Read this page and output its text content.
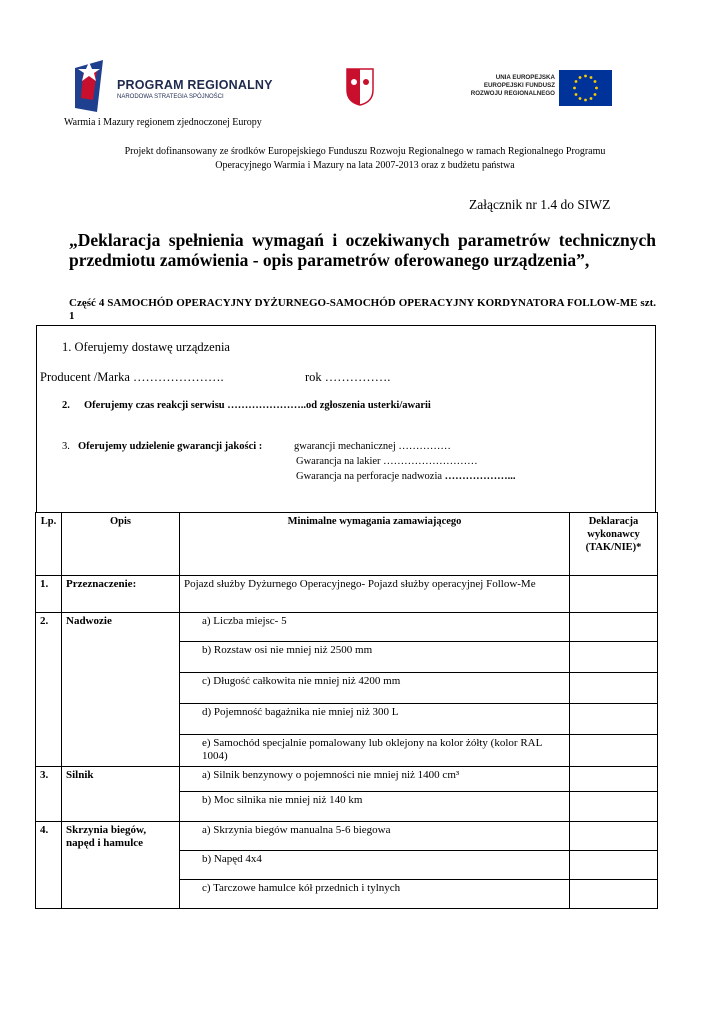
PROGRAM REGIONALNY
NARODOWA STRATEGIA SPÓJNOŚCI
UNIA EUROPEJSKA
EUROPEJSKI FUNDUSZ
ROZWOJU REGIONALNEGO
Warmia i Mazury regionem zjednoczonej Europy
Projekt dofinansowany ze środków Europejskiego Funduszu Rozwoju Regionalnego w ramach Regionalnego Programu
Operacyjnego Warmia i Mazury na lata 2007-2013 oraz z budżetu państwa
Załącznik nr 1.4 do SIWZ
„Deklaracja spełnienia wymagań i oczekiwanych parametrów technicznych przedmiotu zamówienia - opis parametrów oferowanego urządzenia”,
Część 4 SAMOCHÓD OPERACYJNY DYŻURNEGO-SAMOCHÓD OPERACYJNY KORDYNATORA FOLLOW-ME szt. 1
1. Oferujemy dostawę urządzenia
Producent /Marka ………………….	rok …………….
2. Oferujemy czas reakcji serwisu …………………..od zgłoszenia usterki/awarii
3. Oferujemy udzielenie gwarancji jakości :	gwarancji mechanicznej ……………
Gwarancja na lakier ………………………
Gwarancja na perforacje nadwozia ………………...
Lp.	Opis	Minimalne wymagania zamawiającego	Deklaracja wykonawcy (TAK/NIE)*
1.	Przeznaczenie:	Pojazd służby Dyżurnego Operacyjnego- Pojazd służby operacyjnej Follow-Me	
2.	Nadwozie	a) Liczba miejsc- 5	
		b) Rozstaw osi nie mniej niż 2500 mm	
		c) Długość całkowita nie mniej niż 4200 mm	
		d) Pojemność bagażnika nie mniej niż 300 L	
		e) Samochód specjalnie pomalowany lub oklejony na kolor żółty (kolor RAL 1004)	
3.	Silnik	a) Silnik benzynowy o pojemności nie mniej niż 1400 cm³	
		b) Moc silnika nie mniej niż 140 km	
4.	Skrzynia biegów, napęd i hamulce	a) Skrzynia biegów manualna 5-6 biegowa	
		b) Napęd 4x4	
		c) Tarczowe hamulce kół przednich i tylnych	
